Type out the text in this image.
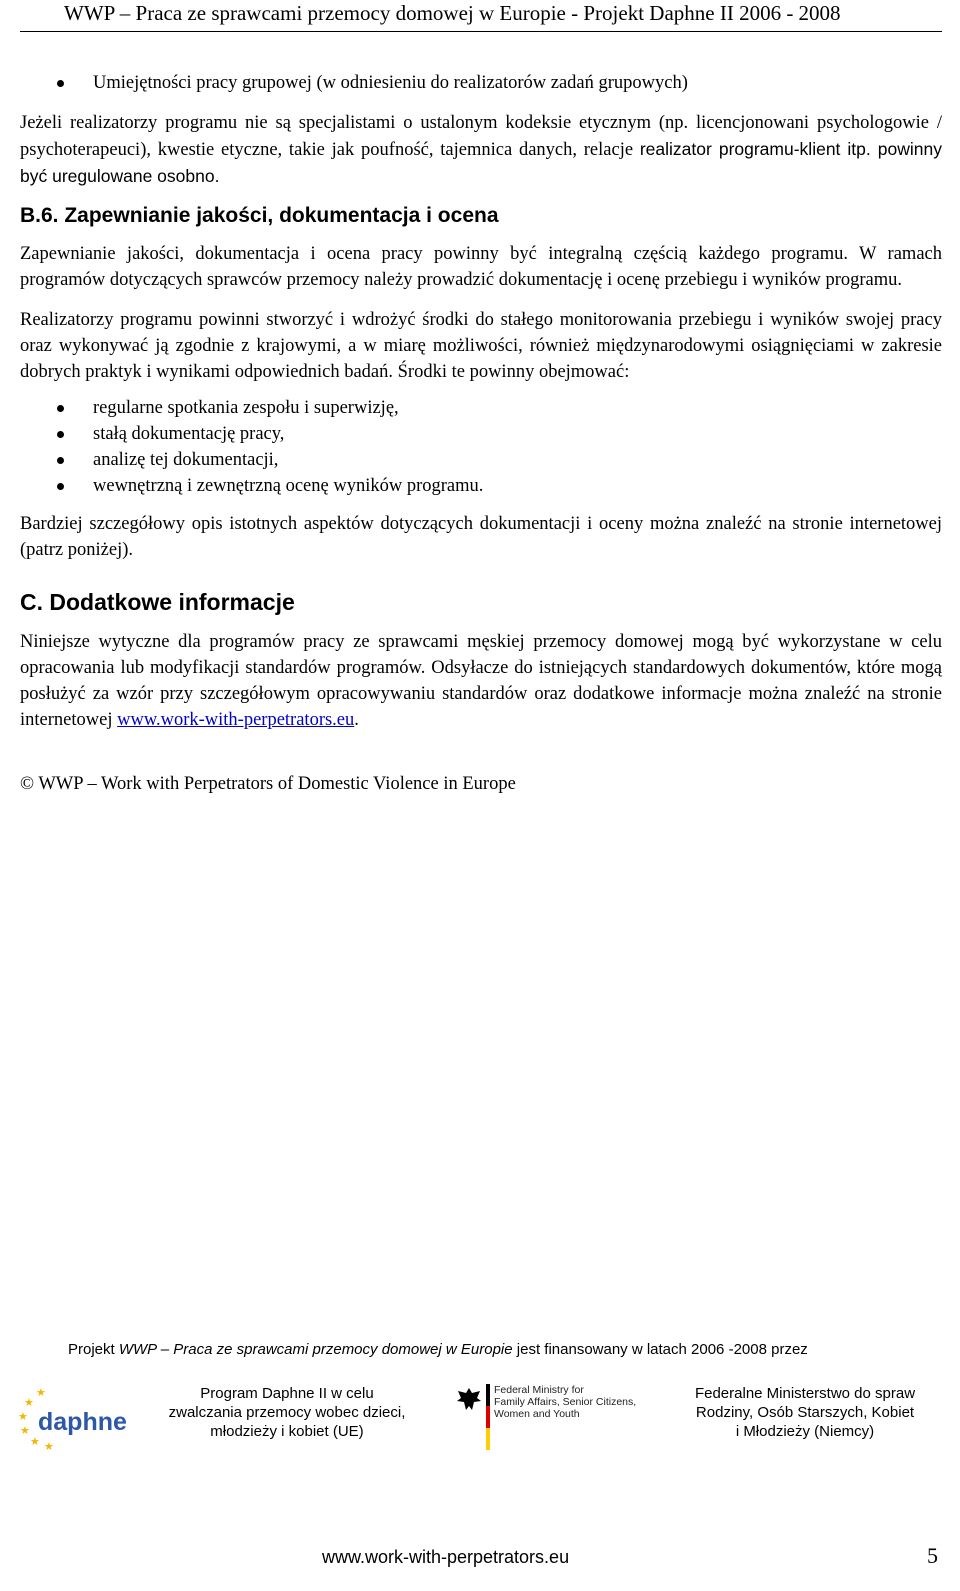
WWP – Praca ze sprawcami przemocy domowej w Europie - Projekt Daphne II 2006 - 2008
Umiejętności pracy grupowej (w odniesieniu do realizatorów zadań grupowych)

Jeżeli realizatorzy programu nie są specjalistami o ustalonym kodeksie etycznym (np. licencjonowani psychologowie / psychoterapeuci), kwestie etyczne, takie jak poufność, tajemnica danych, relacje realizator programu-klient itp. powinny być uregulowane osobno.

B.6. Zapewnianie jakości, dokumentacja i ocena

Zapewnianie jakości, dokumentacja i ocena pracy powinny być integralną częścią każdego programu. W ramach programów dotyczących sprawców przemocy należy prowadzić dokumentację i ocenę przebiegu i wyników programu.

Realizatorzy programu powinni stworzyć i wdrożyć środki do stałego monitorowania przebiegu i wyników swojej pracy oraz wykonywać ją zgodnie z krajowymi, a w miarę możliwości, również międzynarodowymi osiągnięciami w zakresie dobrych praktyk i wynikami odpowiednich badań. Środki te powinny obejmować:

regularne spotkania zespołu i superwizję,
stałą dokumentację pracy,
analizę tej dokumentacji,
wewnętrzną i zewnętrzną ocenę wyników programu.

Bardziej szczegółowy opis istotnych aspektów dotyczących dokumentacji i oceny można znaleźć na stronie internetowej (patrz poniżej).

C. Dodatkowe informacje

Niniejsze wytyczne dla programów pracy ze sprawcami męskiej przemocy domowej mogą być wykorzystane w celu opracowania lub modyfikacji standardów programów. Odsyłacze do istniejących standardowych dokumentów, które mogą posłużyć za wzór przy szczegółowym opracowywaniu standardów oraz dodatkowe informacje można znaleźć na stronie internetowej www.work-with-perpetrators.eu.

© WWP – Work with Perpetrators of Domestic Violence in Europe

Projekt WWP – Praca ze sprawcami przemocy domowej w Europie jest finansowany w latach 2006 -2008 przez
★
★
★
★ ★
★
daphne
Program Daphne II w celu
zwalczania przemocy wobec dzieci,
młodzieży i kobiet (UE)
Federal Ministry for
Family Affairs, Senior Citizens,
Women and Youth
Federalne Ministerstwo do spraw
Rodziny, Osób Starszych, Kobiet
i Młodzieży (Niemcy)
www.work-with-perpetrators.eu	5
